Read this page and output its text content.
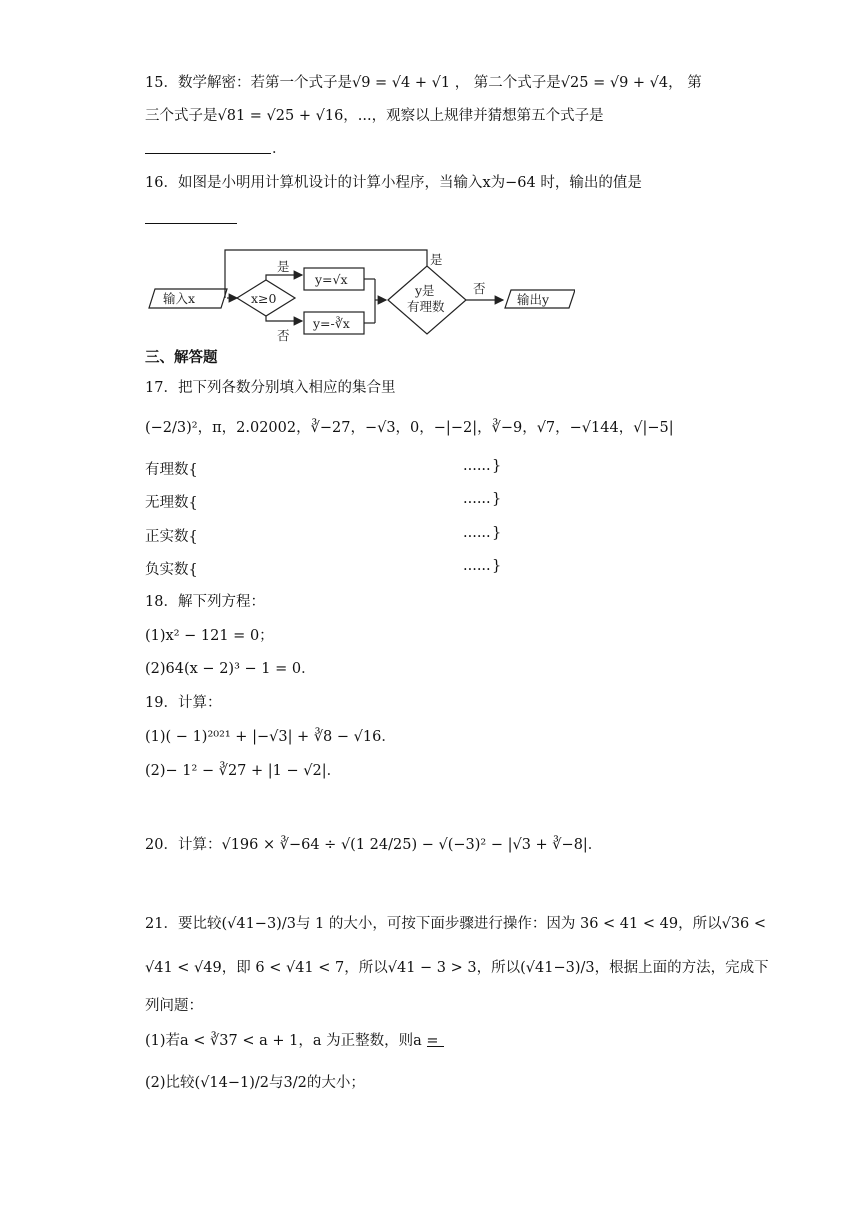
15．数学解密：若第一个式子是√9 = √4 + √1 ， 第二个式子是√25 = √9 + √4， 第
三个式子是√81 = √25 + √16，...，观察以上规律并猜想第五个式子是
．
16．如图是小明用计算机设计的计算小程序，当输入x为−64 时，输出的值是
输入x	x≥0
是
否
y=√x
y=-∛x
y是
有理数
是
否
输出y
三、解答题
17．把下列各数分别填入相应的集合里
(−2/3)²，π，2.02002，∛−27，−√3，0，−|−2|，∛−9，√7，−√144，√|−5|
有理数{	...... }
无理数{	...... }
正实数{	...... }
负实数{	...... }
18．解下列方程：
(1)x² − 121 = 0；
(2)64(x − 2)³ − 1 = 0．
19．计算：
(1)( − 1)²⁰²¹ + |−√3| + ∛8 − √16．
(2)− 1² − ∛27 + |1 − √2|．
20．计算：√196 × ∛−64 ÷ √(1 24/25) − √(−3)² − |√3 + ∛−8|．
21．要比较(√41−3)/3与 1 的大小，可按下面步骤进行操作：因为 36 < 41 < 49，所以√36 <
√41 < √49，即 6 < √41 < 7，所以√41 − 3 > 3，所以(√41−3)/3，根据上面的方法，完成下
列问题：
(1)若a < ∛37 < a + 1，a 为正整数，则a =
(2)比较(√14−1)/2与3/2的大小；
